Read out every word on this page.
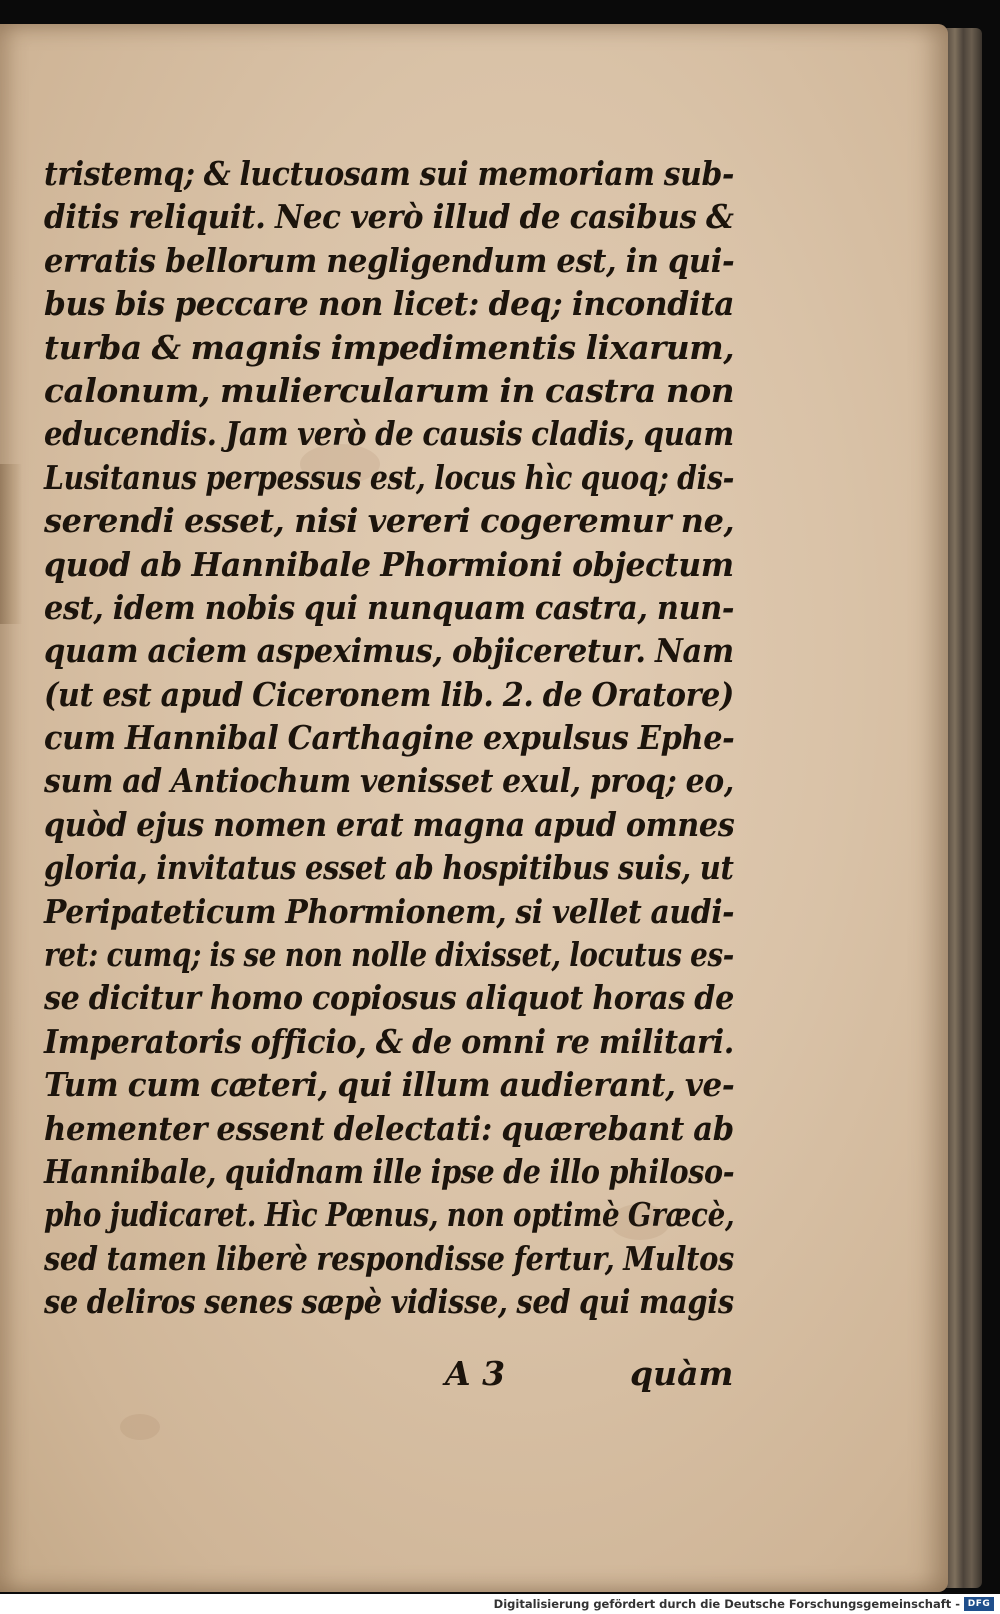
tristemq; & luctuosam sui memoriam sub-
ditis reliquit. Nec verò illud de casibus &
erratis bellorum negligendum est, in qui-
bus bis peccare non licet: deq; incondita
turba & magnis impedimentis lixarum,
calonum, muliercularum in castra non
educendis. Jam verò de causis cladis, quam
Lusitanus perpessus est, locus hìc quoq; dis-
serendi esset, nisi vereri cogeremur ne,
quod ab Hannibale Phormioni objectum
est, idem nobis qui nunquam castra, nun-
quam aciem aspeximus, objiceretur. Nam
(ut est apud Ciceronem lib. 2. de Oratore)
cum Hannibal Carthagine expulsus Ephe-
sum ad Antiochum venisset exul, proq; eo,
quòd ejus nomen erat magna apud omnes
gloria, invitatus esset ab hospitibus suis, ut
Peripateticum Phormionem, si vellet audi-
ret: cumq; is se non nolle dixisset, locutus es-
se dicitur homo copiosus aliquot horas de
Imperatoris officio, & de omni re militari.
Tum cum cæteri, qui illum audierant, ve-
hementer essent delectati: quærebant ab
Hannibale, quidnam ille ipse de illo philoso-
pho judicaret. Hìc Pœnus, non optimè Græcè,
sed tamen liberè respondisse fertur, Multos
se deliros senes sæpè vidisse, sed qui magis
A 3	quàm
Digitalisierung gefördert durch die Deutsche Forschungsgemeinschaft - DFG
